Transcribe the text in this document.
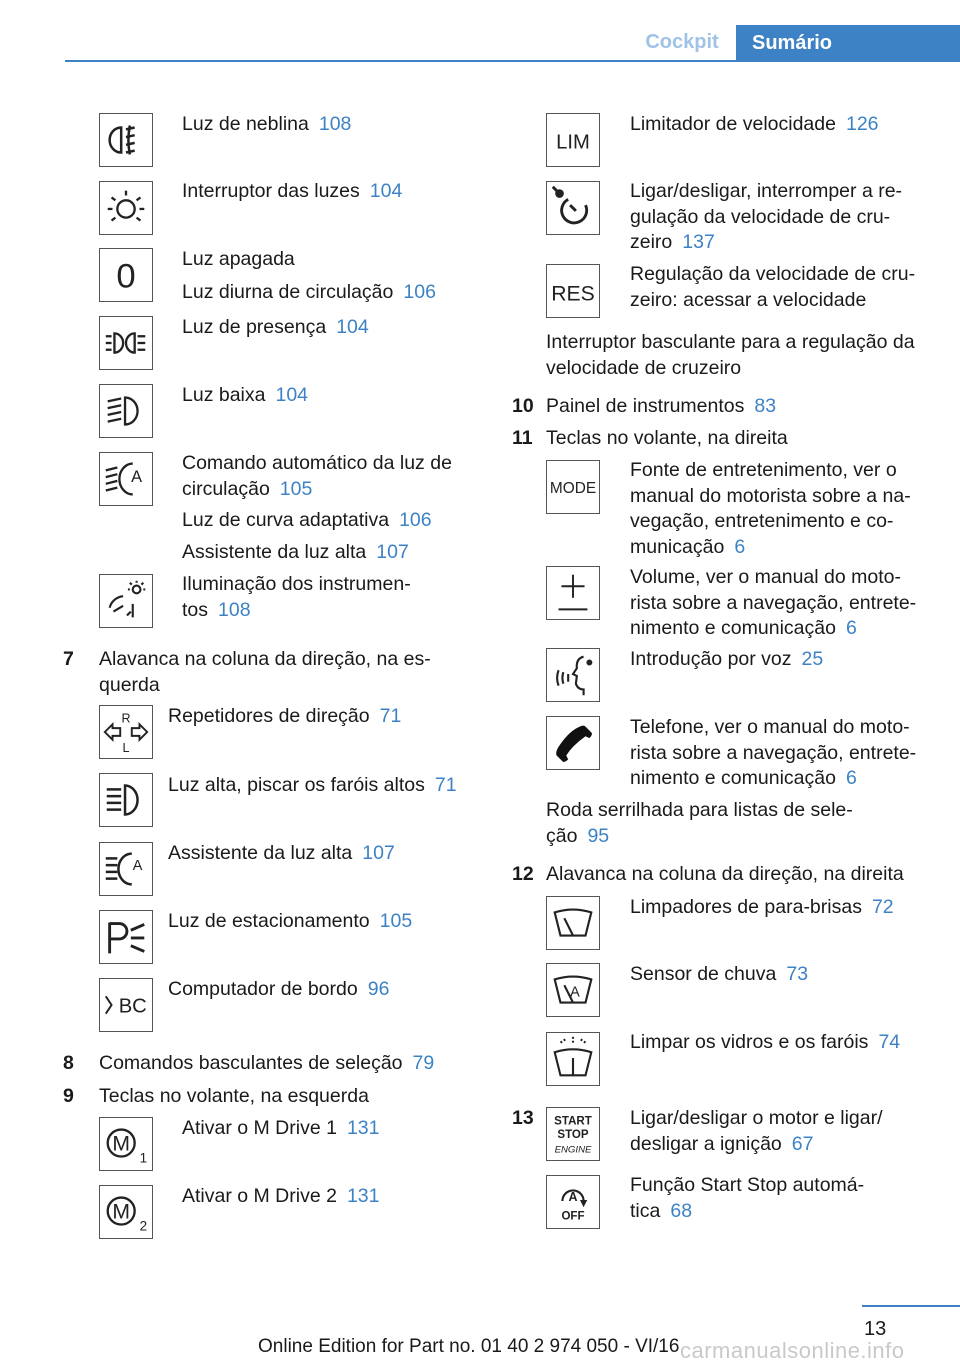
Cockpit	Sumário
Luz de neblina 108
Interruptor das luzes 104
0 Luz apagada
Luz diurna de circulação 106
Luz de presença 104
Luz baixa 104
A
Comando automático da luz de
circulação 105
Luz de curva adaptativa 106
Assistente da luz alta 107
Iluminação dos instrumen-
tos 108
7 Alavanca na coluna da direção, na es-
querda
R
L
Repetidores de direção 71
Luz alta, piscar os faróis altos 71
A
Assistente da luz alta 107
Luz de estacionamento 105
BC
Computador de bordo 96
8 Comandos basculantes de seleção 79
9 Teclas no volante, na esquerda
M
1
Ativar o M Drive 1 131
M
2
Ativar o M Drive 2 131
LIM
Limitador de velocidade 126
Ligar/desligar, interromper a re-
gulação da velocidade de cru-
zeiro 137
RES
Regulação da velocidade de cru-
zeiro: acessar a velocidade
Interruptor basculante para a regulação da
velocidade de cruzeiro
10 Painel de instrumentos 83
11 Teclas no volante, na direita
MODE
Fonte de entretenimento, ver o
manual do motorista sobre a na-
vegação, entretenimento e co-
municação 6
Volume, ver o manual do moto-
rista sobre a navegação, entrete-
nimento e comunicação 6
Introdução por voz 25
Telefone, ver o manual do moto-
rista sobre a navegação, entrete-
nimento e comunicação 6
Roda serrilhada para listas de sele-
ção 95
12 Alavanca na coluna da direção, na direita
Limpadores de para-brisas 72
A
Sensor de chuva 73
Limpar os vidros e os faróis 74
13 START
STOP
ENGINE
Ligar/desligar o motor e ligar/
desligar a ignição 67
A
OFF
Função Start Stop automá-
tica 68
13
Online Edition for Part no. 01 40 2 974 050 - VI/16 carmanualsonline.info
